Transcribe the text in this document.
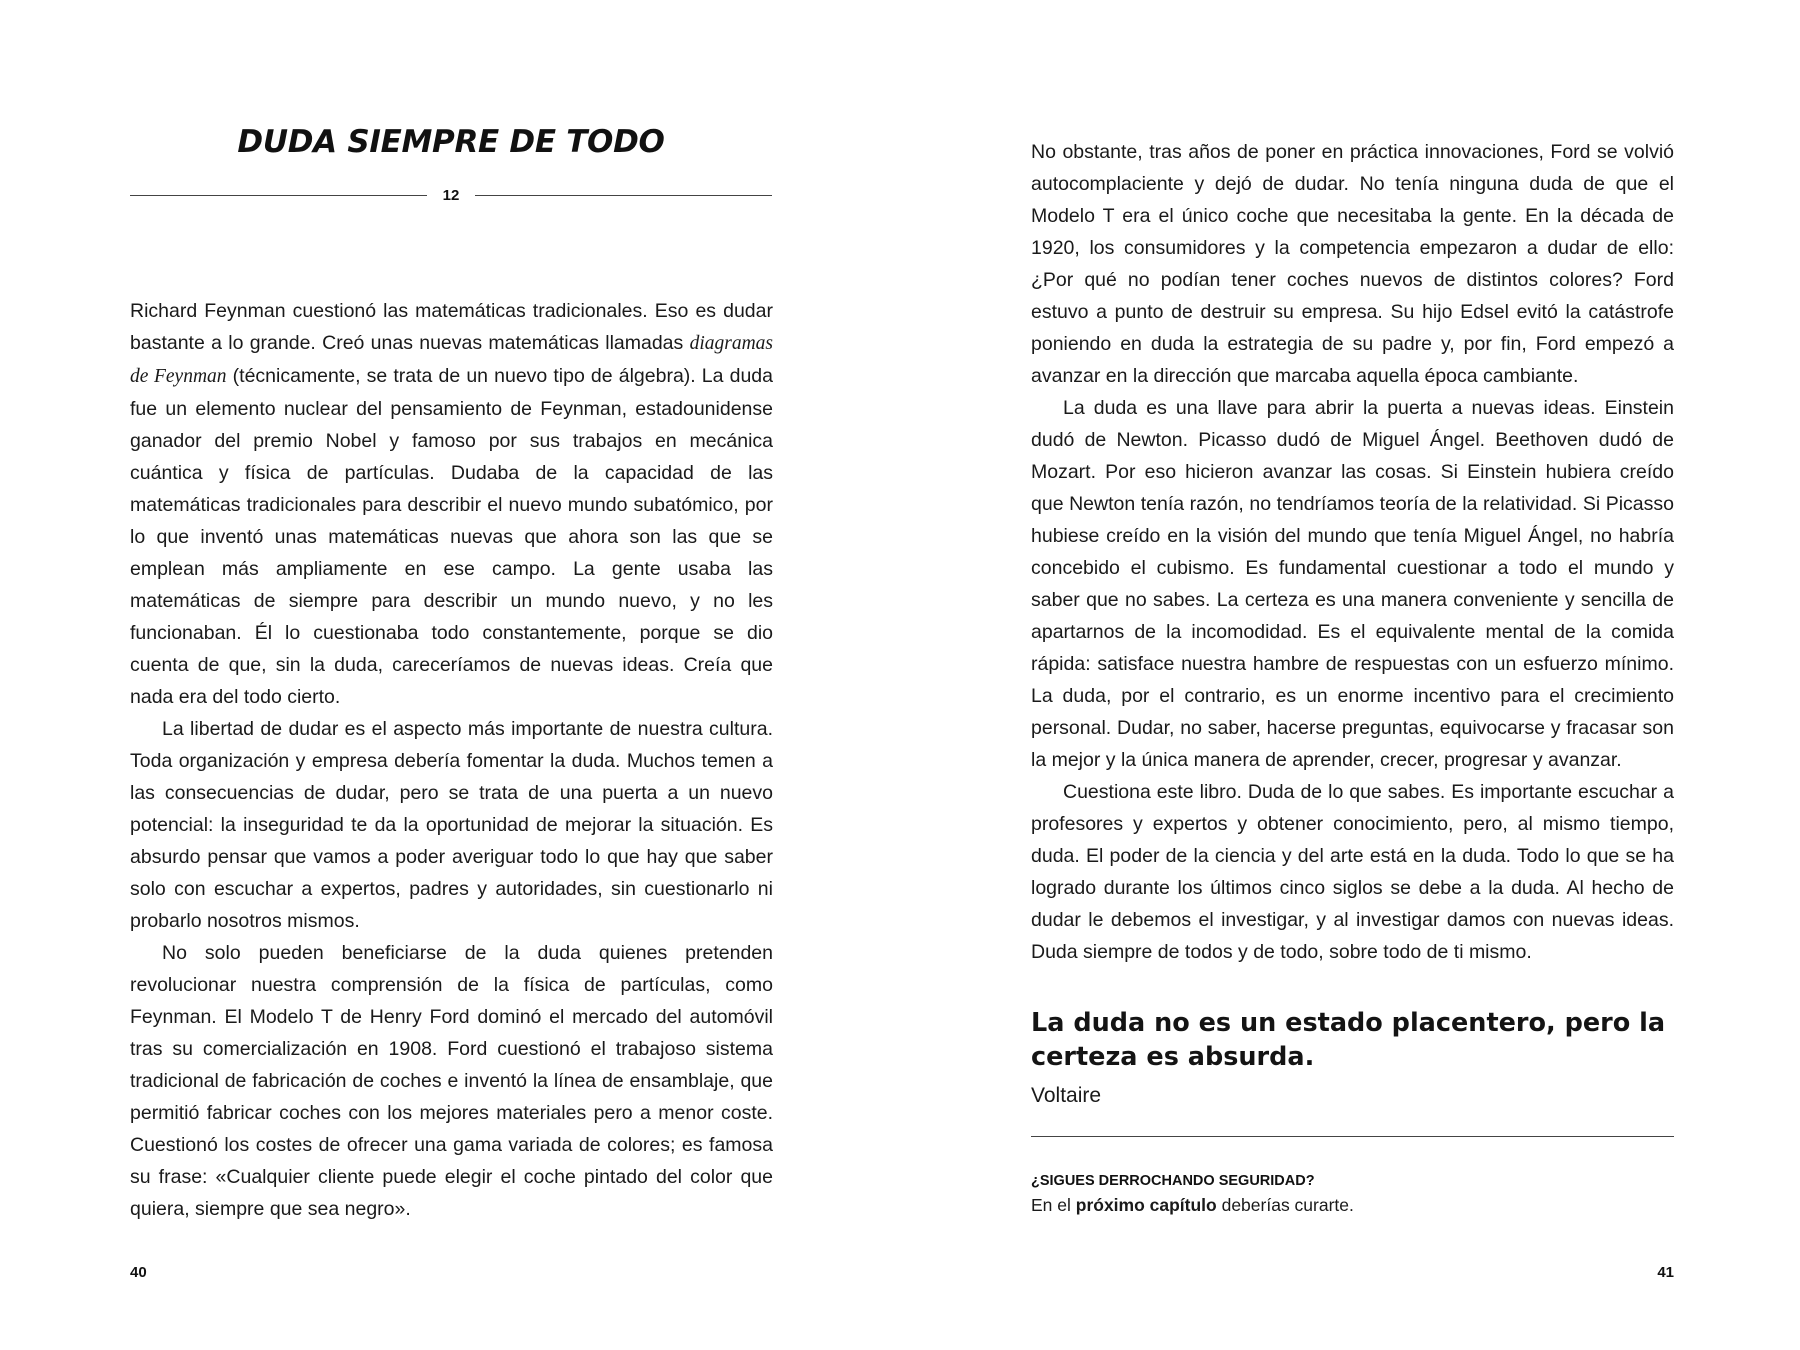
DUDA SIEMPRE DE TODO
12

Richard Feynman cuestionó las matemáticas tradicionales. Eso es dudar bastante a lo grande. Creó unas nuevas matemáticas llamadas diagramas de Feynman (técnicamente, se trata de un nuevo tipo de álgebra). La duda fue un elemento nuclear del pensamiento de Feynman, estadounidense ganador del premio Nobel y famoso por sus trabajos en mecánica cuántica y física de partículas. Dudaba de la capacidad de las matemáticas tradicionales para describir el nuevo mundo subatómico, por lo que inventó unas matemáticas nuevas que ahora son las que se emplean más ampliamente en ese campo. La gente usaba las matemáticas de siempre para describir un mundo nuevo, y no les funcionaban. Él lo cuestionaba todo constantemente, porque se dio cuenta de que, sin la duda, careceríamos de nuevas ideas. Creía que nada era del todo cierto.

La libertad de dudar es el aspecto más importante de nuestra cultura. Toda organización y empresa debería fomentar la duda. Muchos temen a las consecuencias de dudar, pero se trata de una puerta a un nuevo potencial: la inseguridad te da la oportunidad de mejorar la situación. Es absurdo pensar que vamos a poder averiguar todo lo que hay que saber solo con escuchar a expertos, padres y autoridades, sin cuestionarlo ni probarlo nosotros mismos.

No solo pueden beneficiarse de la duda quienes pretenden revolucionar nuestra comprensión de la física de partículas, como Feynman. El Modelo T de Henry Ford dominó el mercado del automóvil tras su comercialización en 1908. Ford cuestionó el trabajoso sistema tradicional de fabricación de coches e inventó la línea de ensamblaje, que permitió fabricar coches con los mejores materiales pero a menor coste. Cuestionó los costes de ofrecer una gama variada de colores; es famosa su frase: «Cualquier cliente puede elegir el coche pintado del color que quiera, siempre que sea negro».

40

No obstante, tras años de poner en práctica innovaciones, Ford se volvió autocomplaciente y dejó de dudar. No tenía ninguna duda de que el Modelo T era el único coche que necesitaba la gente. En la década de 1920, los consumidores y la competencia empezaron a dudar de ello: ¿Por qué no podían tener coches nuevos de distintos colores? Ford estuvo a punto de destruir su empresa. Su hijo Edsel evitó la catástrofe poniendo en duda la estrategia de su padre y, por fin, Ford empezó a avanzar en la dirección que marcaba aquella época cambiante.

La duda es una llave para abrir la puerta a nuevas ideas. Einstein dudó de Newton. Picasso dudó de Miguel Ángel. Beethoven dudó de Mozart. Por eso hicieron avanzar las cosas. Si Einstein hubiera creído que Newton tenía razón, no tendríamos teoría de la relatividad. Si Picasso hubiese creído en la visión del mundo que tenía Miguel Ángel, no habría concebido el cubismo. Es fundamental cuestionar a todo el mundo y saber que no sabes. La certeza es una manera conveniente y sencilla de apartarnos de la incomodidad. Es el equivalente mental de la comida rápida: satisface nuestra hambre de respuestas con un esfuerzo mínimo. La duda, por el contrario, es un enorme incentivo para el crecimiento personal. Dudar, no saber, hacerse preguntas, equivocarse y fracasar son la mejor y la única manera de aprender, crecer, progresar y avanzar.

Cuestiona este libro. Duda de lo que sabes. Es importante escuchar a profesores y expertos y obtener conocimiento, pero, al mismo tiempo, duda. El poder de la ciencia y del arte está en la duda. Todo lo que se ha logrado durante los últimos cinco siglos se debe a la duda. Al hecho de dudar le debemos el investigar, y al investigar damos con nuevas ideas. Duda siempre de todos y de todo, sobre todo de ti mismo.

La duda no es un estado placentero, pero la certeza es absurda.

Voltaire

¿SIGUES DERROCHANDO SEGURIDAD?

En el próximo capítulo deberías curarte.

41
